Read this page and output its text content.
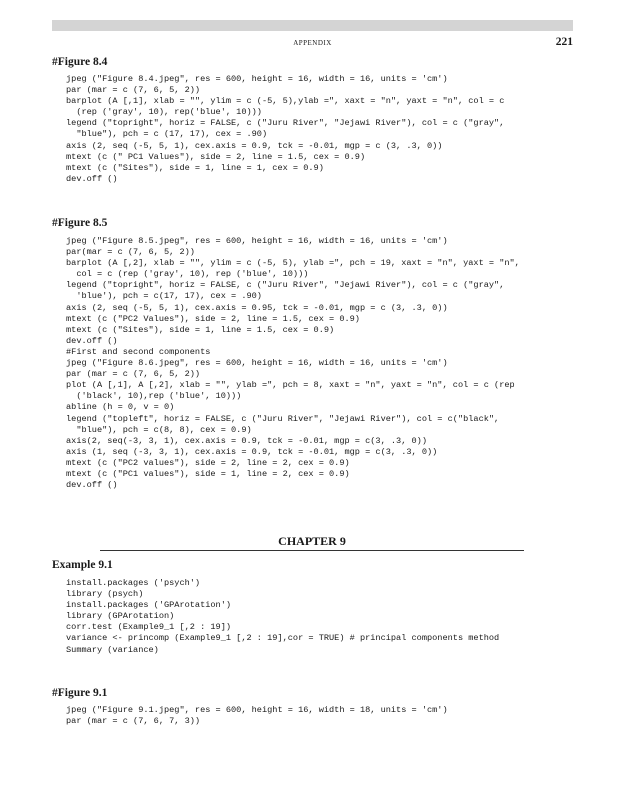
APPENDIX	221
#Figure 8.4
jpeg ("Figure 8.4.jpeg", res = 600, height = 16, width = 16, units = 'cm')
par (mar = c (7, 6, 5, 2))
barplot (A [,1], xlab = "", ylim = c (-5, 5),ylab =", xaxt = "n", yaxt = "n", col = c
(rep ('gray', 10), rep('blue', 10)))
legend ("topright", horiz = FALSE, c ("Juru River", "Jejawi River"), col = c ("gray",
"blue"), pch = c (17, 17), cex = .90)
axis (2, seq (-5, 5, 1), cex.axis = 0.9, tck = -0.01, mgp = c (3, .3, 0))
mtext (c (" PC1 Values"), side = 2, line = 1.5, cex = 0.9)
mtext (c ("Sites"), side = 1, line = 1, cex = 0.9)
dev.off ()
#Figure 8.5
jpeg ("Figure 8.5.jpeg", res = 600, height = 16, width = 16, units = 'cm')
par(mar = c (7, 6, 5, 2))
barplot (A [,2], xlab = "", ylim = c (-5, 5), ylab =", pch = 19, xaxt = "n", yaxt = "n",
col = c (rep ('gray', 10), rep ('blue', 10)))
legend ("topright", horiz = FALSE, c ("Juru River", "Jejawi River"), col = c ("gray",
'blue'), pch = c(17, 17), cex = .90)
axis (2, seq (-5, 5, 1), cex.axis = 0.95, tck = -0.01, mgp = c (3, .3, 0))
mtext (c ("PC2 Values"), side = 2, line = 1.5, cex = 0.9)
mtext (c ("Sites"), side = 1, line = 1.5, cex = 0.9)
dev.off ()
#First and second components
jpeg ("Figure 8.6.jpeg", res = 600, height = 16, width = 16, units = 'cm')
par (mar = c (7, 6, 5, 2))
plot (A [,1], A [,2], xlab = "", ylab =", pch = 8, xaxt = "n", yaxt = "n", col = c (rep
('black', 10),rep ('blue', 10)))
abline (h = 0, v = 0)
legend ("topleft", horiz = FALSE, c ("Juru River", "Jejawi River"), col = c("black",
"blue"), pch = c(8, 8), cex = 0.9)
axis(2, seq(-3, 3, 1), cex.axis = 0.9, tck = -0.01, mgp = c(3, .3, 0))
axis (1, seq (-3, 3, 1), cex.axis = 0.9, tck = -0.01, mgp = c(3, .3, 0))
mtext (c ("PC2 values"), side = 2, line = 2, cex = 0.9)
mtext (c ("PC1 values"), side = 1, line = 2, cex = 0.9)
dev.off ()
CHAPTER 9
Example 9.1
install.packages ('psych')
library (psych)
install.packages ('GPArotation')
library (GPArotation)
corr.test (Example9_1 [,2 : 19])
variance <- princomp (Example9_1 [,2 : 19],cor = TRUE) # principal components method
Summary (variance)
#Figure 9.1
jpeg ("Figure 9.1.jpeg", res = 600, height = 16, width = 18, units = 'cm')
par (mar = c (7, 6, 7, 3))
